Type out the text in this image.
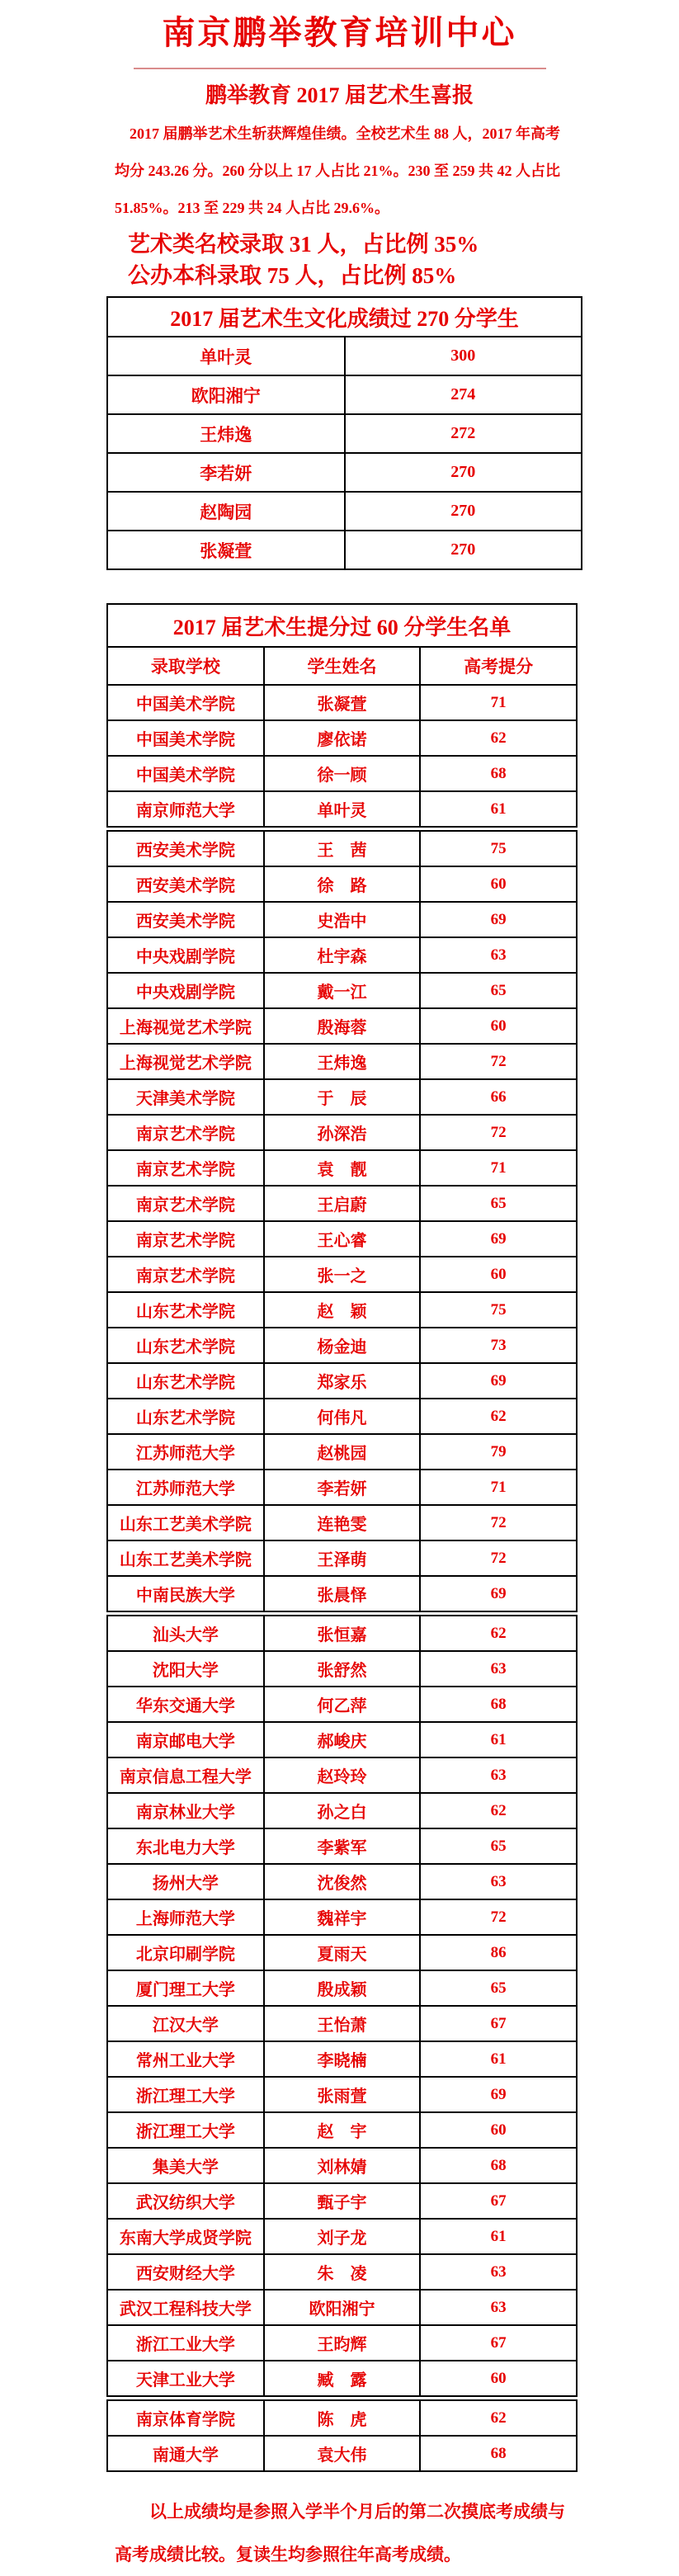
南京鹏举教育培训中心
鹏举教育 2017 届艺术生喜报
2017 届鹏举艺术生斩获辉煌佳绩。全校艺术生 88 人，2017 年高考
均分 243.26 分。260 分以上 17 人占比 21%。230 至 259 共 42 人占比
51.85%。213 至 229 共 24 人占比 29.6%。
艺术类名校录取 31 人，占比例 35%
公办本科录取 75 人，占比例 85%
2017 届艺术生文化成绩过 270 分学生	
单叶灵	300
欧阳湘宁	274
王炜逸	272
李若妍	270
赵陶园	270
张凝萱	270
2017 届艺术生提分过 60 分学生名单		
录取学校	学生姓名	高考提分
中国美术学院	张凝萱	71
中国美术学院	廖依诺	62
中国美术学院	徐一顾	68
南京师范大学	单叶灵	61
西安美术学院	王　茜	75
西安美术学院	徐　路	60
西安美术学院	史浩中	69
中央戏剧学院	杜宇森	63
中央戏剧学院	戴一江	65
上海视觉艺术学院	殷海蓉	60
上海视觉艺术学院	王炜逸	72
天津美术学院	于　辰	66
南京艺术学院	孙深浩	72
南京艺术学院	袁　靓	71
南京艺术学院	王启蔚	65
南京艺术学院	王心睿	69
南京艺术学院	张一之	60
山东艺术学院	赵　颖	75
山东艺术学院	杨金迪	73
山东艺术学院	郑家乐	69
山东艺术学院	何伟凡	62
江苏师范大学	赵桃园	79
江苏师范大学	李若妍	71
山东工艺美术学院	连艳雯	72
山东工艺美术学院	王泽萌	72
中南民族大学	张晨怿	69
汕头大学	张恒嘉	62
沈阳大学	张舒然	63
华东交通大学	何乙萍	68
南京邮电大学	郝峻庆	61
南京信息工程大学	赵玲玲	63
南京林业大学	孙之白	62
东北电力大学	李紫军	65
扬州大学	沈俊然	63
上海师范大学	魏祥宇	72
北京印刷学院	夏雨天	86
厦门理工大学	殷成颖	65
江汉大学	王怡萧	67
常州工业大学	李晓楠	61
浙江理工大学	张雨萱	69
浙江理工大学	赵　宇	60
集美大学	刘林婧	68
武汉纺织大学	甄子宇	67
东南大学成贤学院	刘子龙	61
西安财经大学	朱　凌	63
武汉工程科技大学	欧阳湘宁	63
浙江工业大学	王昀辉	67
天津工业大学	臧　露	60
南京体育学院	陈　虎	62
南通大学	袁大伟	68
以上成绩均是参照入学半个月后的第二次摸底考成绩与
高考成绩比较。复读生均参照往年高考成绩。
